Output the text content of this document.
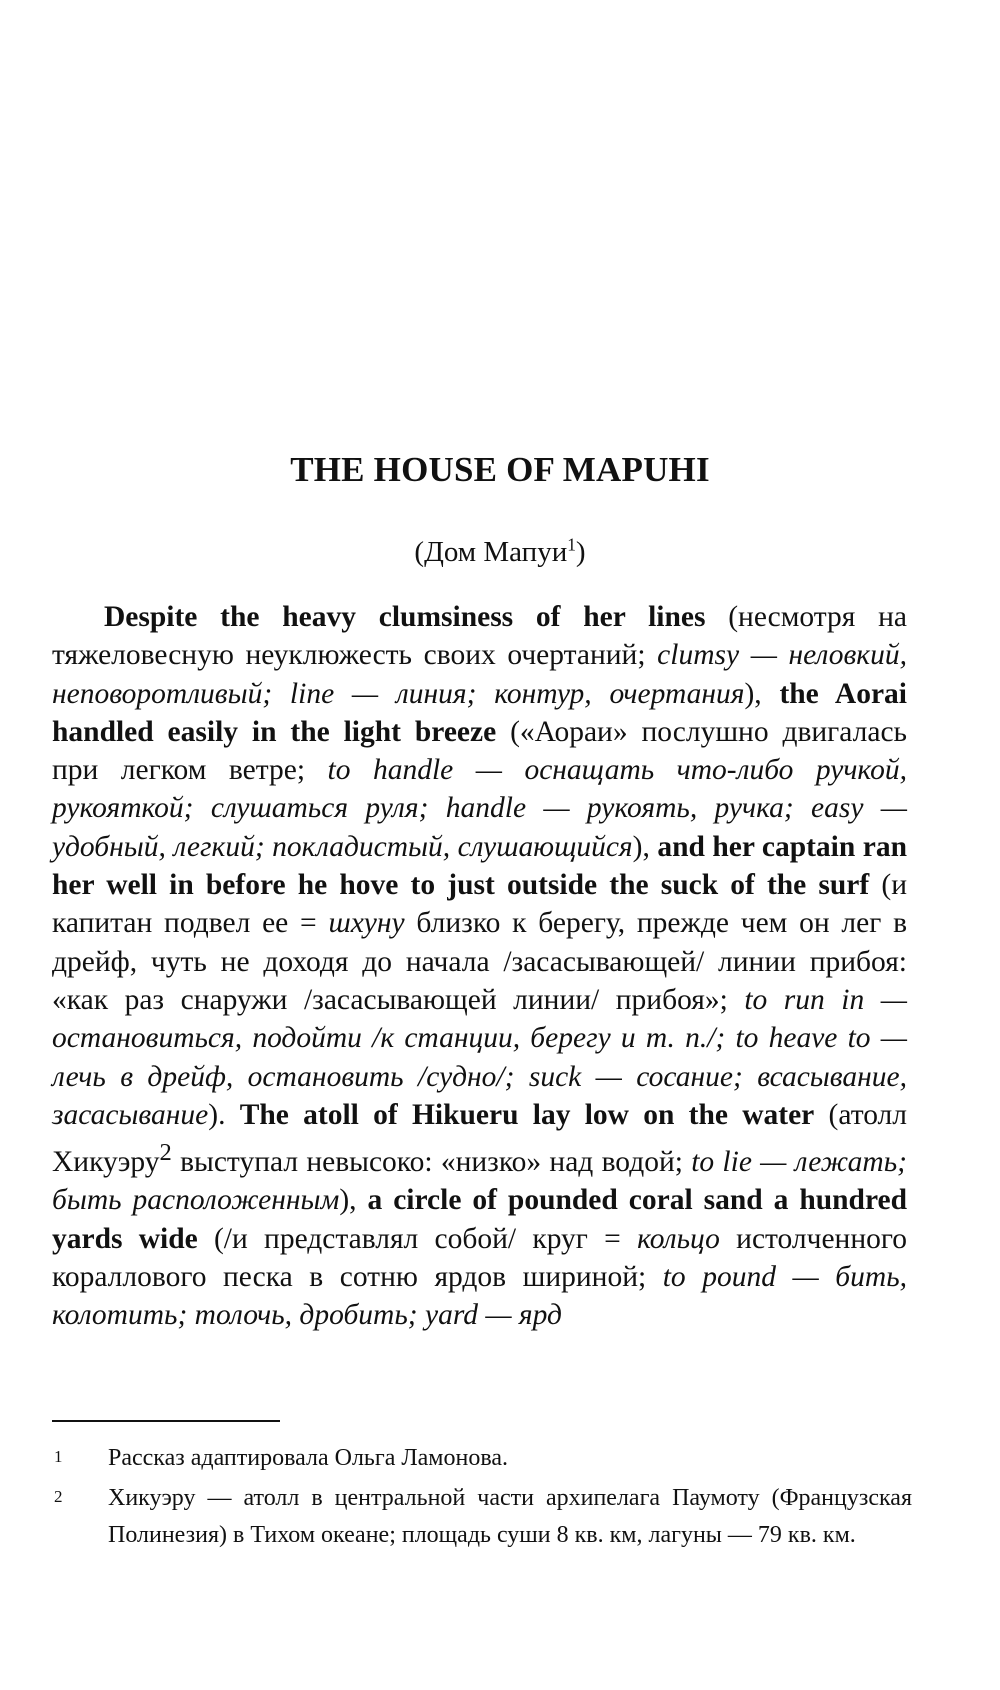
THE HOUSE OF MAPUHI
(Дом Мапуи$^1$)

Despite the heavy clumsiness of her lines (несмотря на тяжеловесную неуклюжесть своих очертаний; clumsy — неловкий, неповоротливый; line — линия; контур, очертания), the Aorai handled easily in the light breeze («Аораи» послушно двигалась при легком ветре; to handle — оснащать что-либо ручкой, рукояткой; слушаться руля; handle — рукоять, ручка; easy — удобный, легкий; покладистый, слушающийся), and her captain ran her well in before he hove to just outside the suck of the surf (и капитан подвел ее = шхуну близко к берегу, прежде чем он лег в дрейф, чуть не доходя до начала /засасывающей/ линии прибоя: «как раз снаружи /засасывающей линии/ прибоя»; to run in — остановиться, подойти /к станции, берегу и т. п./; to heave to — лечь в дрейф, остановить /судно/; suck — сосание; всасывание, засасывание). The atoll of Hikueru lay low on the water (атолл Хикуэру$^2$ выступал невысоко: «низко» над водой; to lie — лежать; быть расположенным), a circle of pounded coral sand a hundred yards wide (/и представлял собой/ круг = кольцо истолченного кораллового песка в сотню ярдов шириной; to pound — бить, колотить; толочь, дробить; yard — ярд

1 Рассказ адаптировала Ольга Ламонова.
2 Хикуэру — атолл в центральной части архипелага Паумоту (Французская Полинезия) в Тихом океане; площадь суши 8 кв. км, лагуны — 79 кв. км.
